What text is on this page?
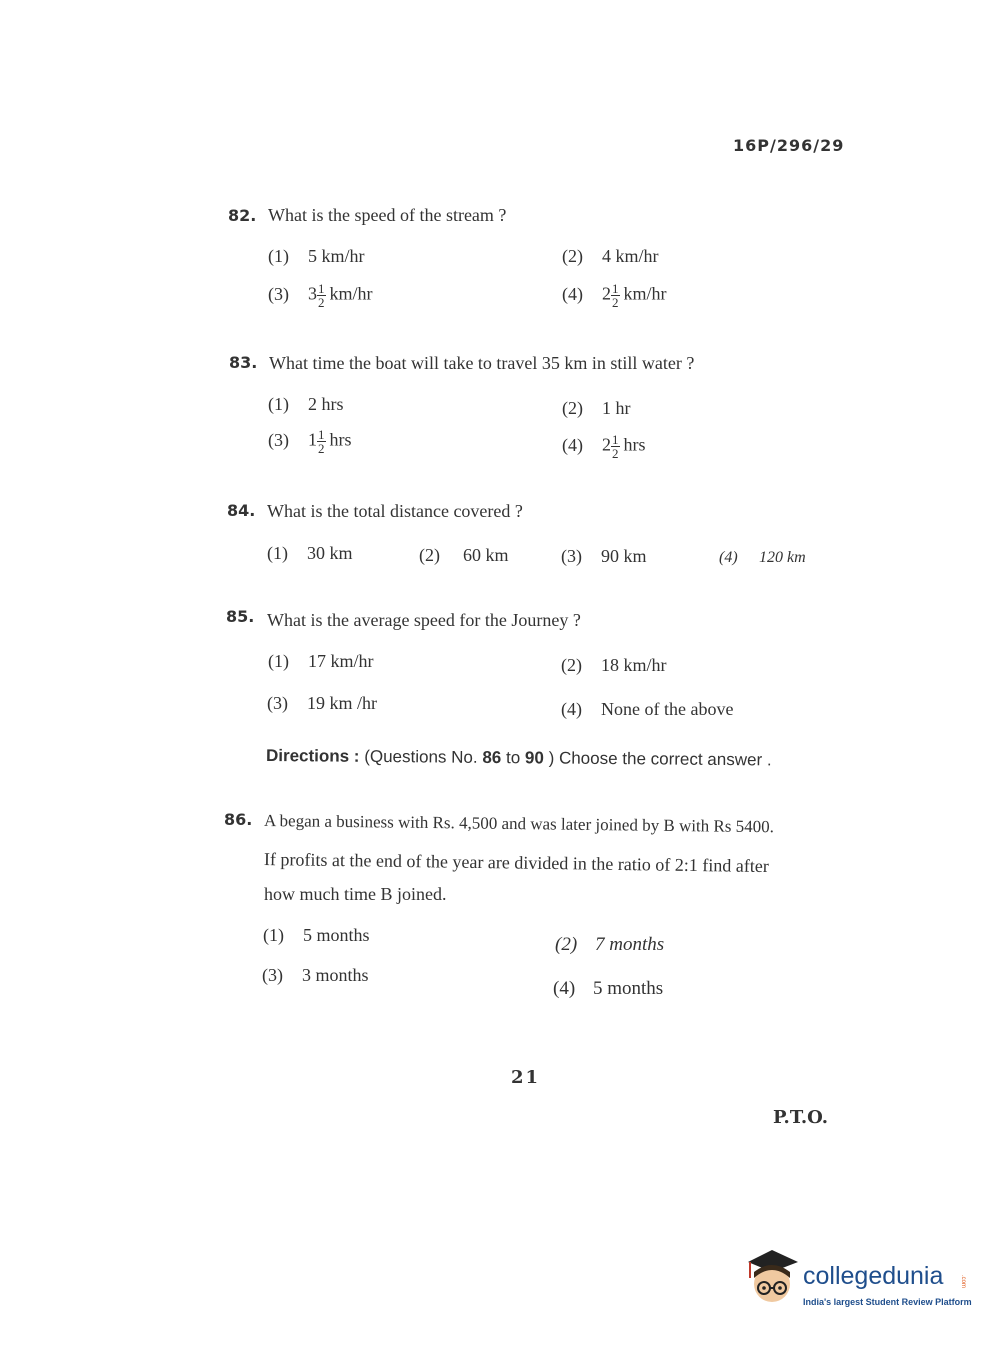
16P/296/29
82. What is the speed of the stream ?
(1) 5 km/hr	(2) 4 km/hr
(3) $3 \frac{1}{2} km/hr$	(4) $2 \frac{1}{2} km/hr$
83. What time the boat will take to travel 35 km in still water ?
(1) 2 hrs	(2) 1 hr
(3) $1 \frac{1}{2}$ hrs	(4) $2 \frac{1}{2}$ hrs
84. What is the total distance covered ?
(1) 30 km	(2) 60 km	(3) 90 km	(4) 120 km
85. What is the average speed for the Journey ?
(1) 17 km/hr	(2) 18 km/hr
(3) 19 km /hr	(4) None of the above
Directions : (Questions No. 86 to 90 ) Choose the correct answer .
86. A began a business with Rs. 4,500 and was later joined by B with Rs 5400.
If profits at the end of the year are divided in the ratio of 2:1 find after
how much time B joined.
(1) 5 months	(2) 7 months
(3) 3 months
(4) 5 months
21
P.T.O.
collegedunia	.com
India's largest Student Review Platform
